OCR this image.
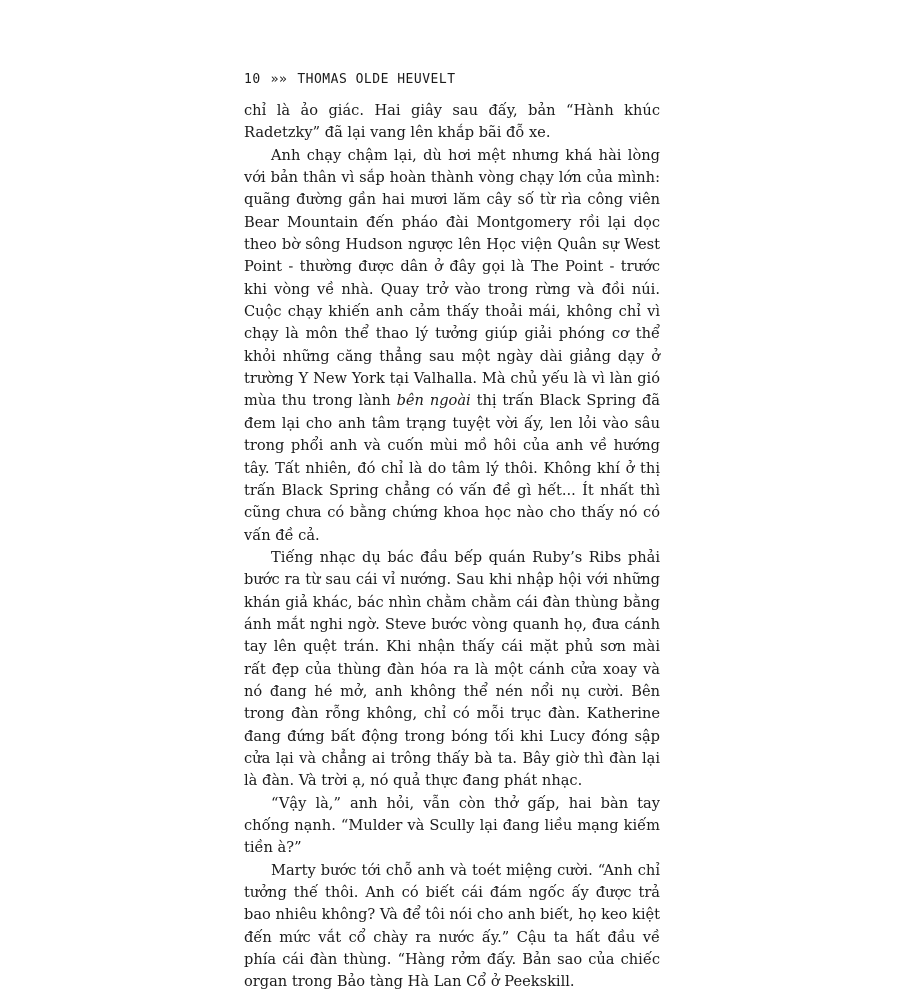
10 »» THOMAS OLDE HEUVELT

chỉ là ảo giác. Hai giây sau đấy, bản “Hành khúc Radetzky” đã lại vang lên khắp bãi đỗ xe.

Anh chạy chậm lại, dù hơi mệt nhưng khá hài lòng với bản thân vì sắp hoàn thành vòng chạy lớn của mình: quãng đường gần hai mươi lăm cây số từ rìa công viên Bear Mountain đến pháo đài Montgomery rồi lại dọc theo bờ sông Hudson ngược lên Học viện Quân sự West Point - thường được dân ở đây gọi là The Point - trước khi vòng về nhà. Quay trở vào trong rừng và đồi núi. Cuộc chạy khiến anh cảm thấy thoải mái, không chỉ vì chạy là môn thể thao lý tưởng giúp giải phóng cơ thể khỏi những căng thẳng sau một ngày dài giảng dạy ở trường Y New York tại Valhalla. Mà chủ yếu là vì làn gió mùa thu trong lành bên ngoài thị trấn Black Spring đã đem lại cho anh tâm trạng tuyệt vời ấy, len lỏi vào sâu trong phổi anh và cuốn mùi mồ hôi của anh về hướng tây. Tất nhiên, đó chỉ là do tâm lý thôi. Không khí ở thị trấn Black Spring chẳng có vấn đề gì hết... Ít nhất thì cũng chưa có bằng chứng khoa học nào cho thấy nó có vấn đề cả.

Tiếng nhạc dụ bác đầu bếp quán Ruby’s Ribs phải bước ra từ sau cái vỉ nướng. Sau khi nhập hội với những khán giả khác, bác nhìn chằm chằm cái đàn thùng bằng ánh mắt nghi ngờ. Steve bước vòng quanh họ, đưa cánh tay lên quệt trán. Khi nhận thấy cái mặt phủ sơn mài rất đẹp của thùng đàn hóa ra là một cánh cửa xoay và nó đang hé mở, anh không thể nén nổi nụ cười. Bên trong đàn rỗng không, chỉ có mỗi trục đàn. Katherine đang đứng bất động trong bóng tối khi Lucy đóng sập cửa lại và chẳng ai trông thấy bà ta. Bây giờ thì đàn lại là đàn. Và trời ạ, nó quả thực đang phát nhạc.

“Vậy là,” anh hỏi, vẫn còn thở gấp, hai bàn tay chống nạnh. “Mulder và Scully lại đang liều mạng kiếm tiền à?”

Marty bước tới chỗ anh và toét miệng cười. “Anh chỉ tưởng thế thôi. Anh có biết cái đám ngốc ấy được trả bao nhiêu không? Và để tôi nói cho anh biết, họ keo kiệt đến mức vắt cổ chày ra nước ấy.” Cậu ta hất đầu về phía cái đàn thùng. “Hàng rởm đấy. Bản sao của chiếc organ trong Bảo tàng Hà Lan Cổ ở Peekskill.
